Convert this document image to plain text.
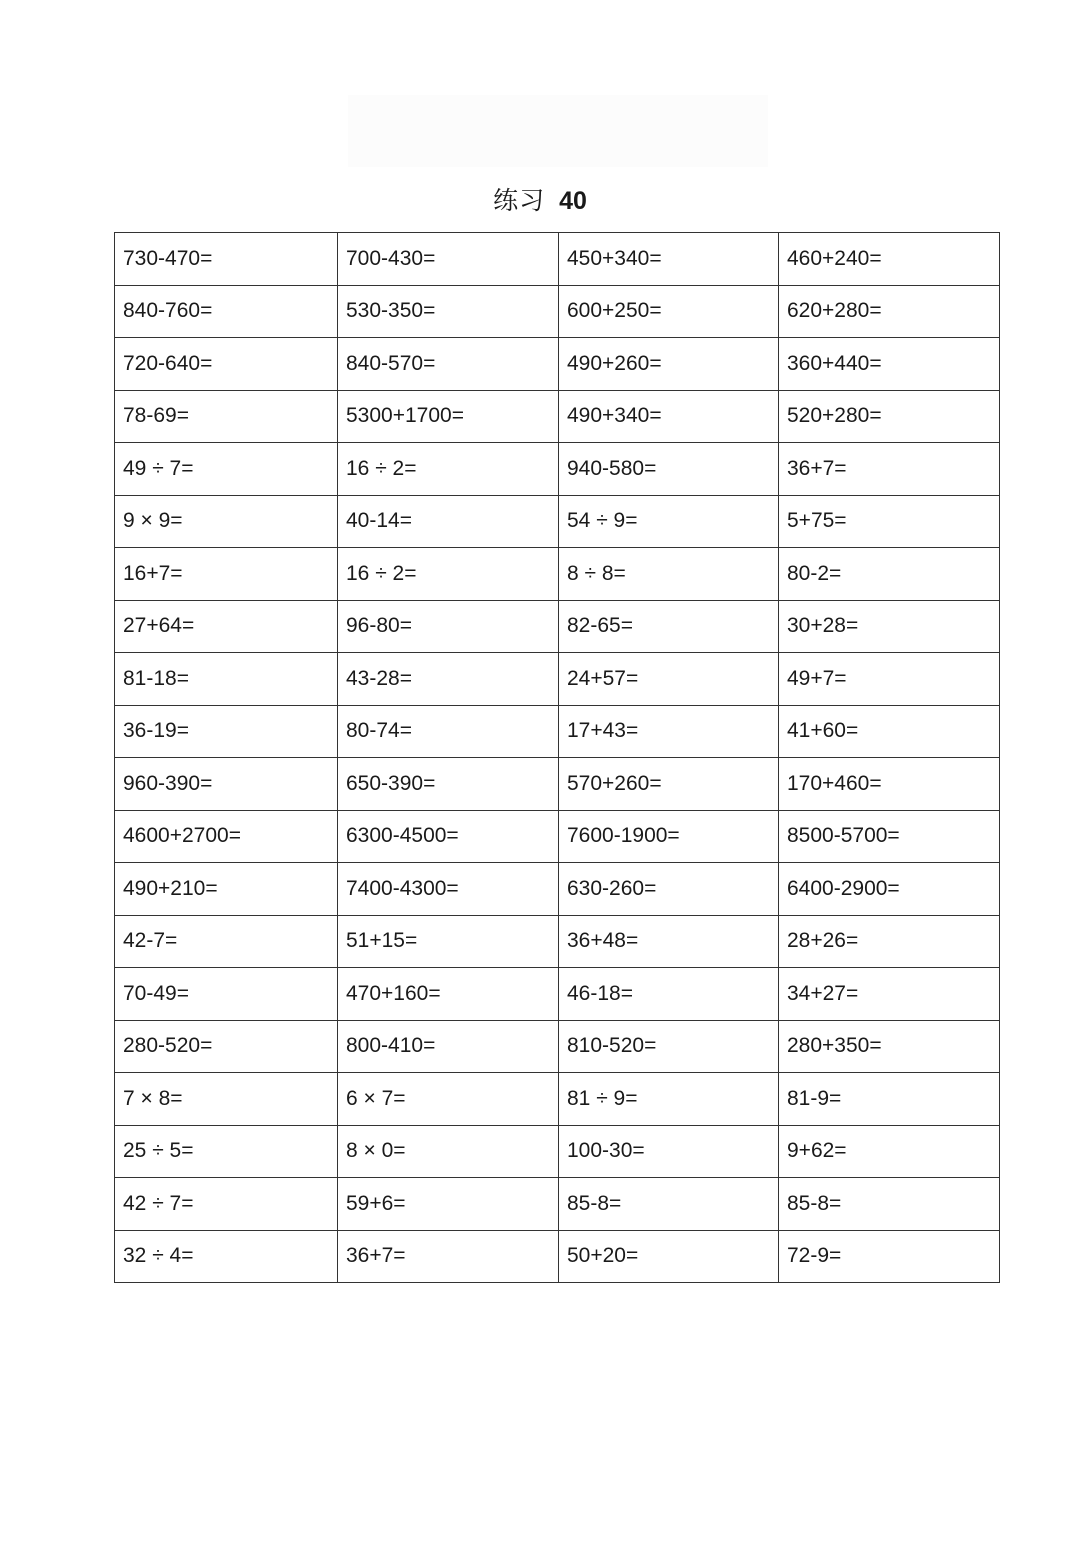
练习 40
730-470=	700-430=	450+340=	460+240=
840-760=	530-350=	600+250=	620+280=
720-640=	840-570=	490+260=	360+440=
78-69=	5300+1700=	490+340=	520+280=
49 ÷ 7=	16 ÷ 2=	940-580=	36+7=
9 × 9=	40-14=	54 ÷ 9=	5+75=
16+7=	16 ÷ 2=	8 ÷ 8=	80-2=
27+64=	96-80=	82-65=	30+28=
81-18=	43-28=	24+57=	49+7=
36-19=	80-74=	17+43=	41+60=
960-390=	650-390=	570+260=	170+460=
4600+2700=	6300-4500=	7600-1900=	8500-5700=
490+210=	7400-4300=	630-260=	6400-2900=
42-7=	51+15=	36+48=	28+26=
70-49=	470+160=	46-18=	34+27=
280-520=	800-410=	810-520=	280+350=
7 × 8=	6 × 7=	81 ÷ 9=	81-9=
25 ÷ 5=	8 × 0=	100-30=	9+62=
42 ÷ 7=	59+6=	85-8=	85-8=
32 ÷ 4=	36+7=	50+20=	72-9=
